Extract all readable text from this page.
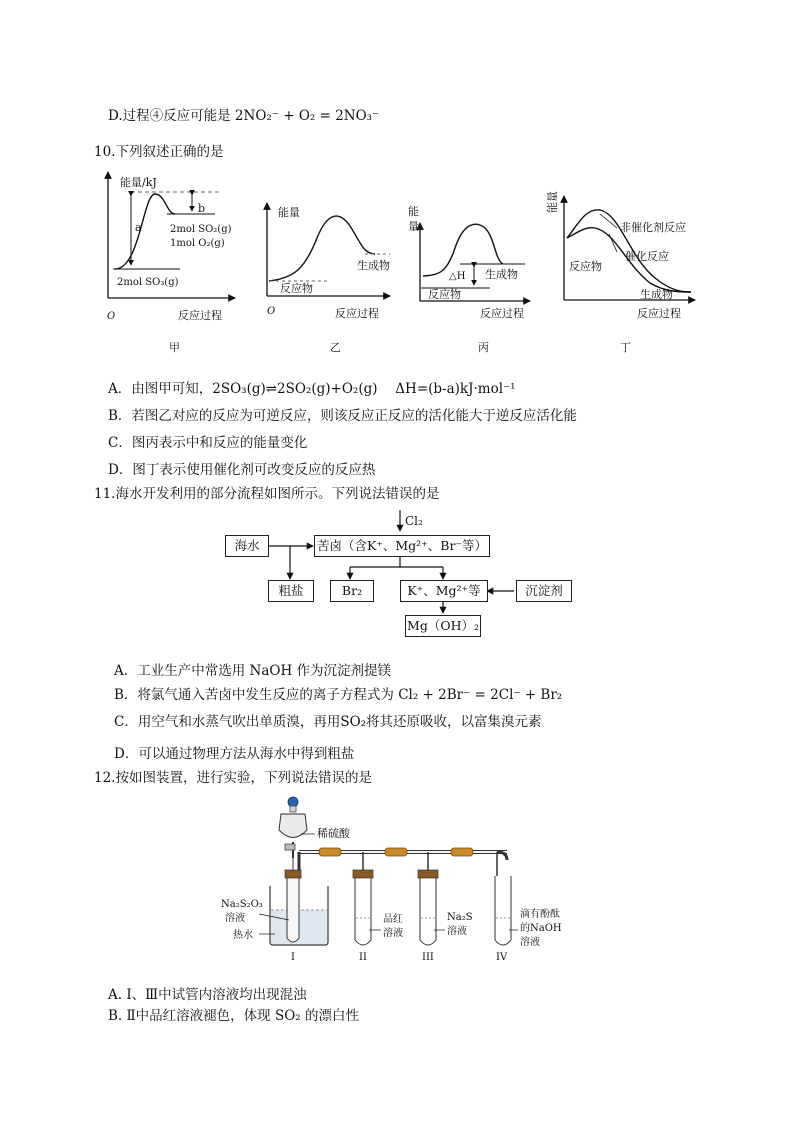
D.过程④反应可能是 2NO₂⁻ + O₂ = 2NO₃⁻
10.下列叙述正确的是
能量/kJ
a
b
2mol SO₂(g)
1mol O₂(g)
2mol SO₃(g)
O	反应过程
甲
能量
反应物
生成物
O	反应过程
乙
能
量
△H 生成物
反应物
反应过程
丙
能量
非催化剂反应
催化反应
反应物
生成物
反应过程
丁
A．由图甲可知，2SO₃(g)⇌2SO₂(g)+O₂(g)　 ΔH=(b-a)kJ·mol⁻¹
B．若图乙对应的反应为可逆反应，则该反应正反应的活化能大于逆反应活化能
C．图丙表示中和反应的能量变化
D．图丁表示使用催化剂可改变反应的反应热
11.海水开发利用的部分流程如图所示。下列说法错误的是
Cl₂
海水	苦卤（含K⁺、Mg²⁺、Br⁻等）
粗盐	Br₂	K⁺、Mg²⁺等	沉淀剂
Mg（OH）₂
A．工业生产中常选用 NaOH 作为沉淀剂提镁
B．将氯气通入苦卤中发生反应的离子方程式为 Cl₂ + 2Br⁻ = 2Cl⁻ + Br₂
C．用空气和水蒸气吹出单质溴，再用SO₂将其还原吸收，以富集溴元素
D．可以通过物理方法从海水中得到粗盐
12.按如图装置，进行实验，下列说法错误的是
稀硫酸
Na₂S₂O₃
溶液
热水
品红
溶液
Na₂S
溶液
滴有酚酞
的NaOH
溶液
I	II	III	IV
A. Ⅰ、Ⅲ中试管内溶液均出现混浊
B. Ⅱ中品红溶液褪色，体现 SO₂ 的漂白性
